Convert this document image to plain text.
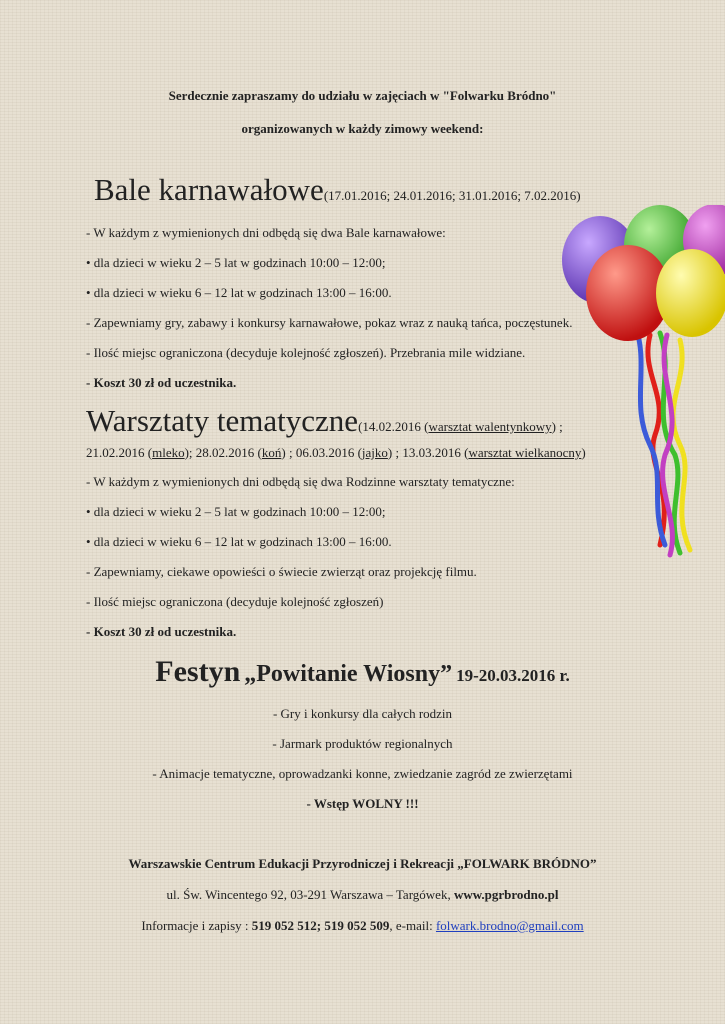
Serdecznie zapraszamy do udziału w zajęciach w "Folwarku Bródno"
organizowanych w każdy zimowy weekend:
Bale karnawałowe(17.01.2016; 24.01.2016; 31.01.2016; 7.02.2016)
- W każdym z wymienionych dni odbędą się dwa Bale karnawałowe:
• dla dzieci w wieku 2 – 5 lat w godzinach 10:00 – 12:00;
• dla dzieci w wieku 6 – 12 lat w godzinach 13:00 – 16:00.
- Zapewniamy gry, zabawy i konkursy karnawałowe, pokaz wraz z nauką tańca, poczęstunek.
- Ilość miejsc ograniczona (decyduje kolejność zgłoszeń). Przebrania mile widziane.
- Koszt 30 zł od uczestnika.
Warsztaty tematyczne(14.02.2016 (warsztat walentynkowy) ;
21.02.2016 (mleko); 28.02.2016 (koń) ; 06.03.2016 (jajko) ; 13.03.2016 (warsztat wielkanocny)
- W każdym z wymienionych dni odbędą się dwa Rodzinne warsztaty tematyczne:
• dla dzieci w wieku 2 – 5 lat w godzinach 10:00 – 12:00;
• dla dzieci w wieku 6 – 12 lat w godzinach 13:00 – 16:00.
- Zapewniamy, ciekawe opowieści o świecie zwierząt oraz projekcję filmu.
- Ilość miejsc ograniczona (decyduje kolejność zgłoszeń)
- Koszt 30 zł od uczestnika.
Festyn „Powitanie Wiosny” 19-20.03.2016 r.
- Gry i konkursy dla całych rodzin
- Jarmark produktów regionalnych
- Animacje tematyczne, oprowadzanki konne, zwiedzanie zagród ze zwierzętami
- Wstęp WOLNY !!!
Warszawskie Centrum Edukacji Przyrodniczej i Rekreacji „FOLWARK BRÓDNO”
ul. Św. Wincentego 92, 03-291 Warszawa – Targówek, www.pgrbrodno.pl
Informacje i zapisy : 519 052 512; 519 052 509, e-mail: folwark.brodno@gmail.com
